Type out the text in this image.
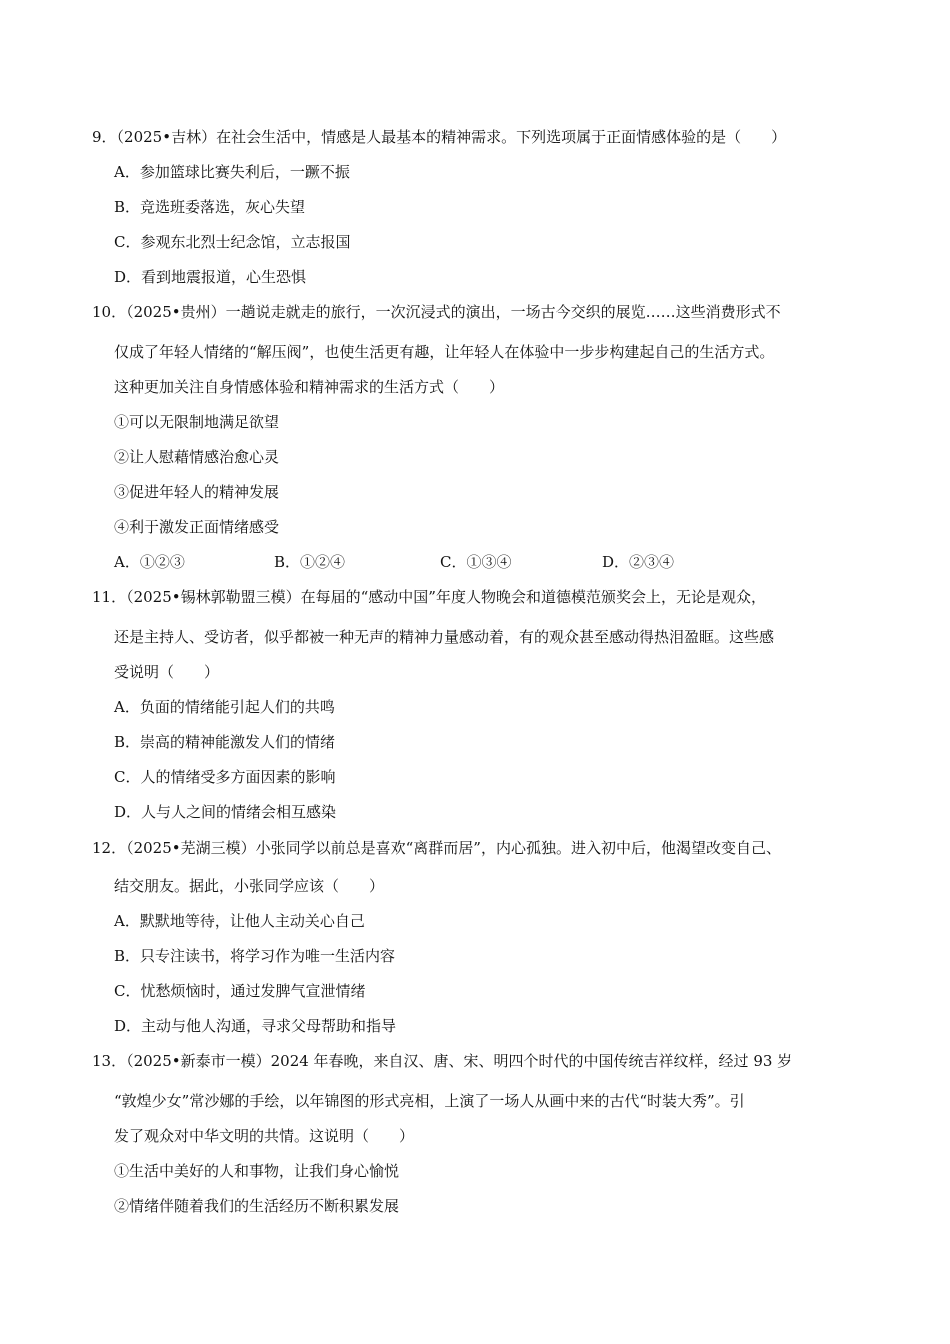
9．（2025•吉林）在社会生活中，情感是人最基本的精神需求。下列选项属于正面情感体验的是（　　）
A．参加篮球比赛失利后，一蹶不振
B．竞选班委落选，灰心失望
C．参观东北烈士纪念馆，立志报国
D．看到地震报道，心生恐惧
10．（2025•贵州）一趟说走就走的旅行，一次沉浸式的演出，一场古今交织的展览……这些消费形式不
仅成了年轻人情绪的“解压阀”，也使生活更有趣，让年轻人在体验中一步步构建起自己的生活方式。
这种更加关注自身情感体验和精神需求的生活方式（　　）
①可以无限制地满足欲望
②让人慰藉情感治愈心灵
③促进年轻人的精神发展
④利于激发正面情绪感受
A．①②③	B．①②④	C．①③④	D．②③④
11．（2025•锡林郭勒盟三模）在每届的“感动中国”年度人物晚会和道德模范颁奖会上，无论是观众，
还是主持人、受访者，似乎都被一种无声的精神力量感动着，有的观众甚至感动得热泪盈眶。这些感
受说明（　　）
A．负面的情绪能引起人们的共鸣
B．崇高的精神能激发人们的情绪
C．人的情绪受多方面因素的影响
D．人与人之间的情绪会相互感染
12．（2025•芜湖三模）小张同学以前总是喜欢“离群而居”，内心孤独。进入初中后，他渴望改变自己、
结交朋友。据此，小张同学应该（　　）
A．默默地等待，让他人主动关心自己
B．只专注读书，将学习作为唯一生活内容
C．忧愁烦恼时，通过发脾气宣泄情绪
D．主动与他人沟通，寻求父母帮助和指导
13．（2025•新泰市一模）2024 年春晚，来自汉、唐、宋、明四个时代的中国传统吉祥纹样，经过 93 岁
“敦煌少女”常沙娜的手绘，以年锦图的形式亮相，上演了一场人从画中来的古代“时装大秀”。引
发了观众对中华文明的共情。这说明（　　）
①生活中美好的人和事物，让我们身心愉悦
②情绪伴随着我们的生活经历不断积累发展
